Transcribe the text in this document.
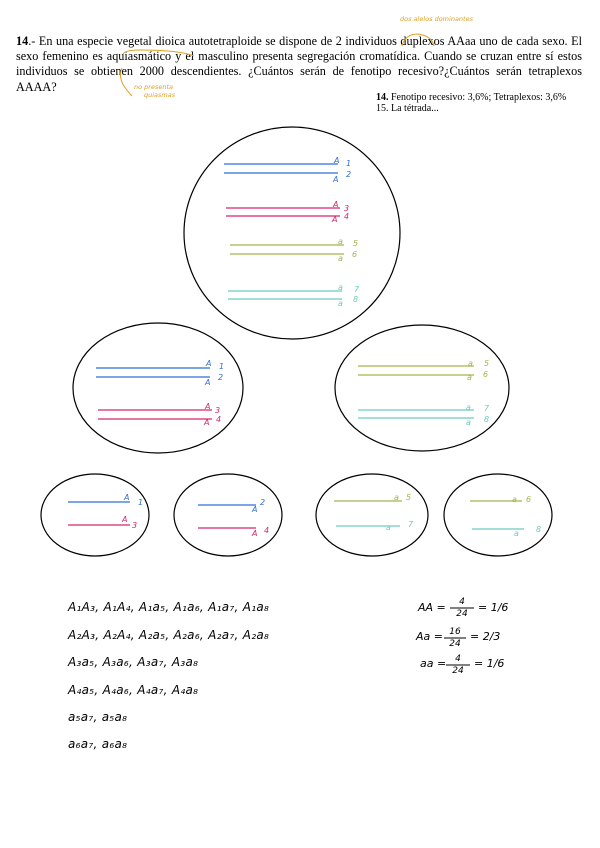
14.- En una especie vegetal dioica autotetraploide se dispone de 2 individuos duplexos AAaa uno de cada sexo. El sexo femenino es aquiasmático y el masculino presenta segregación cromatídica. Cuando se cruzan entre sí estos individuos se obtienen 2000 descendientes. ¿Cuántos serán de fenotipo recesivo?¿Cuántos serán tetraplexos AAAA?
14. Fenotipo recesivo: 3,6%; Tetraplexos: 3,6%
15. La tétrada...
dos alelos dominantes
no presenta
quiasmas
A 1
A
2
A 3
A 4
a 5
a 6
a 7
a 8
A 1
A
2
A 3
A 4
a 5
a 6
a 7
a 8
A
1
A
3
A
2
A 4
a 5
a 7
a 6
a 8
A₁A₃, A₁A₄, A₁a₅, A₁a₆, A₁a₇, A₁a₈
A₂A₃, A₂A₄, A₂a₅, A₂a₆, A₂a₇, A₂a₈
A₃a₅, A₃a₆, A₃a₇, A₃a₈
A₄a₅, A₄a₆, A₄a₇, A₄a₈
a₅a₇, a₅a₈
a₆a₇, a₆a₈
AA =	4
24 = 1/6
Aa = 16
24
= 2/3
aa = 4
24
= 1/6
